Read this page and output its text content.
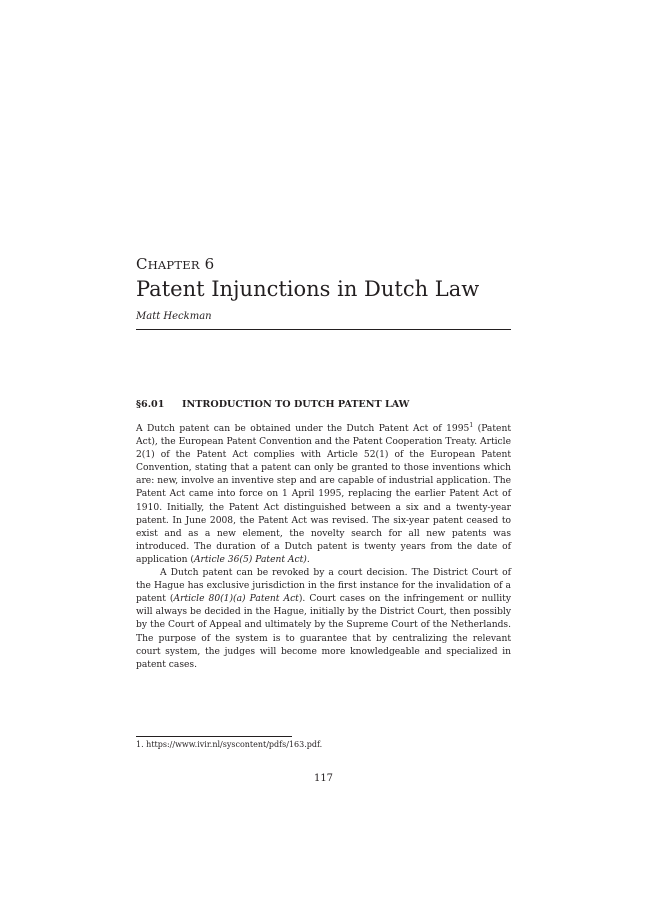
CHAPTER 6
Patent Injunctions in Dutch Law
Matt Heckman
§6.01 INTRODUCTION TO DUTCH PATENT LAW

A Dutch patent can be obtained under the Dutch Patent Act of 1995$^1$ (Patent Act), the European Patent Convention and the Patent Cooperation Treaty. Article 2(1) of the Patent Act complies with Article 52(1) of the European Patent Convention, stating that a patent can only be granted to those inventions which are: new, involve an inventive step and are capable of industrial application. The Patent Act came into force on 1 April 1995, replacing the earlier Patent Act of 1910. Initially, the Patent Act distinguished between a six and a twenty-year patent. In June 2008, the Patent Act was revised. The six-year patent ceased to exist and as a new element, the novelty search for all new patents was introduced. The duration of a Dutch patent is twenty years from the date of application (Article 36(5) Patent Act).

A Dutch patent can be revoked by a court decision. The District Court of the Hague has exclusive jurisdiction in the first instance for the invalidation of a patent (Article 80(1)(a) Patent Act). Court cases on the infringement or nullity will always be decided in the Hague, initially by the District Court, then possibly by the Court of Appeal and ultimately by the Supreme Court of the Netherlands. The purpose of the system is to guarantee that by centralizing the relevant court system, the judges will become more knowledgeable and specialized in patent cases.

1. https://www.ivir.nl/syscontent/pdfs/163.pdf.
117
